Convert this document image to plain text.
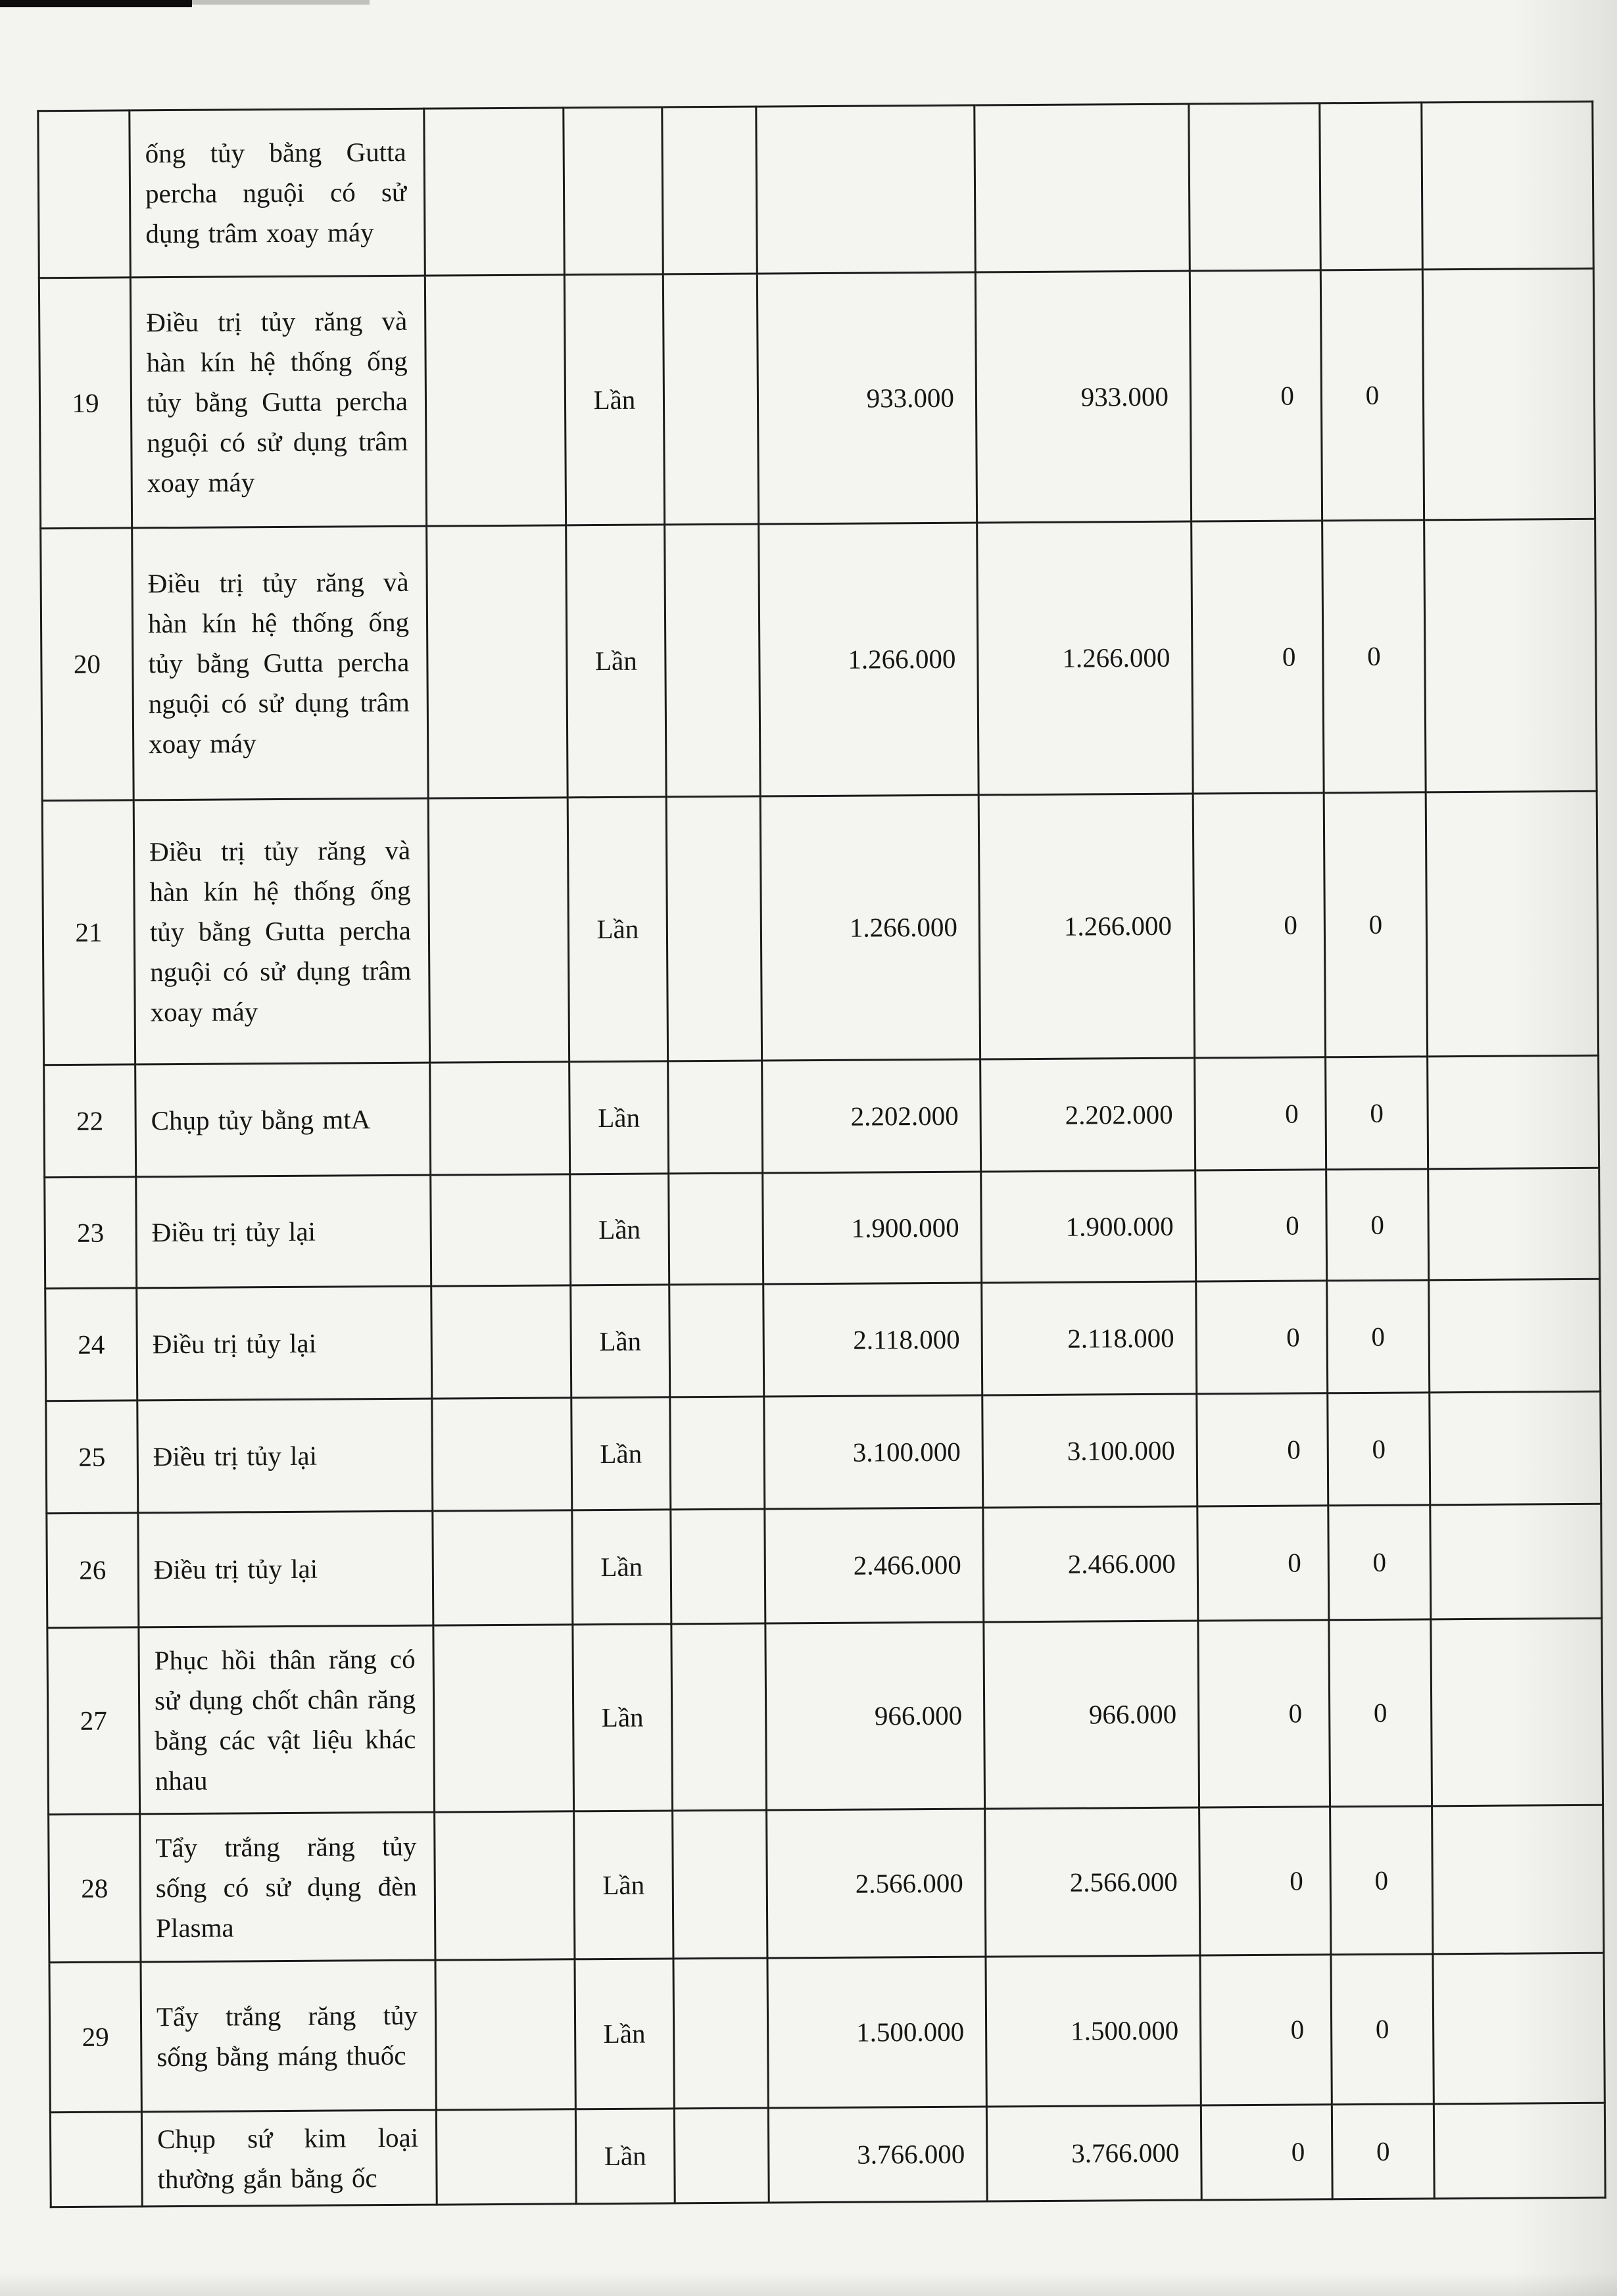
	ống tủy bằng Gutta percha nguội có sử dụng trâm xoay máy								
19	Điều trị tủy răng và hàn kín hệ thống ống tủy bằng Gutta percha nguội có sử dụng trâm xoay máy		Lần		933.000	933.000	0	0	
20	Điều trị tủy răng và hàn kín hệ thống ống tủy bằng Gutta percha nguội có sử dụng trâm xoay máy		Lần		1.266.000	1.266.000	0	0	
21	Điều trị tủy răng và hàn kín hệ thống ống tủy bằng Gutta percha nguội có sử dụng trâm xoay máy		Lần		1.266.000	1.266.000	0	0	
22	Chụp tủy bằng mtA		Lần		2.202.000	2.202.000	0	0	
23	Điều trị tủy lại		Lần		1.900.000	1.900.000	0	0	
24	Điều trị tủy lại		Lần		2.118.000	2.118.000	0	0	
25	Điều trị tủy lại		Lần		3.100.000	3.100.000	0	0	
26	Điều trị tủy lại		Lần		2.466.000	2.466.000	0	0	
27	Phục hồi thân răng có sử dụng chốt chân răng bằng các vật liệu khác nhau		Lần		966.000	966.000	0	0	
28	Tẩy trắng răng tủy sống có sử dụng đèn Plasma		Lần		2.566.000	2.566.000	0	0	
29	Tẩy trắng răng tủy sống bằng máng thuốc		Lần		1.500.000	1.500.000	0	0	
	Chụp sứ kim loại thường gắn bằng ốc		Lần		3.766.000	3.766.000	0	0	
